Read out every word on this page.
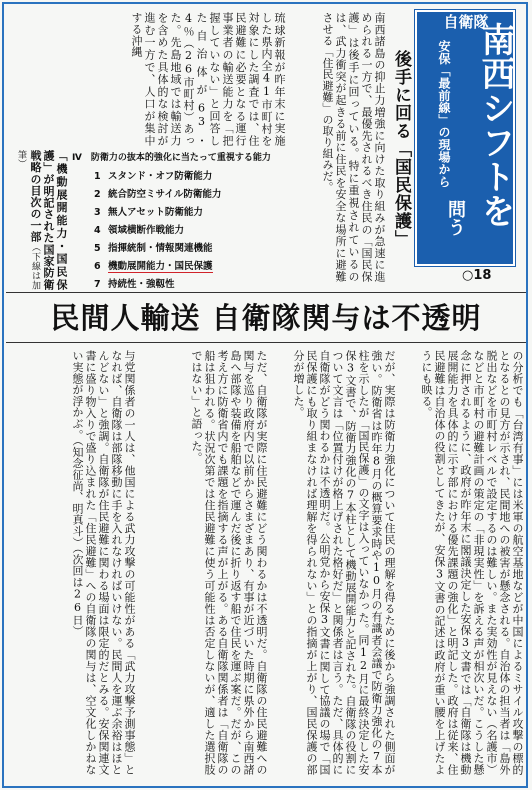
南西諸島の抑止力増強に向けた取り組みが急速に進められる一方で、最優先されるべき住民の「国民保護」は後手に回っている。特に重視されているのは、武力衝突が起きる前に住民を安全な場所に避難させる「住民避難」の取り組みだ。
琉球新報が昨年末に実施した県内全41市町村を対象にした調査では、住民避難に必要となる運行事業者の輸送能力を「把握していない」と回答した自治体が63・4％（26市町村）あった。先島地域では輸送力を含めた具体的な検討が進む一方で、人口が集中する沖縄
Ⅳ　防衛力の抜本的強化に当たって重視する能力
1 スタンド・オフ防衛能力
2 統合防空ミサイル防衛能力
3 無人アセット防衛能力
4 領域横断作戦能力
5 指揮統制・情報関連機能
6 機動展開能力・国民保護
7 持続性・強靱性
「機動展開能力・国民保護」が明記された国家防衛戦略の目次の一部（下線は加筆）	後手に回る「国民保護」
自衛隊
南西シフトを
安保「最前線」の現場から
問う
○18
民間人輸送 自衛隊関与は不透明
の分析でも「台湾有事」には米軍の航空基地などが中国によるミサイル攻撃の標的となるとの見方が示され、民間地への被害が懸念される。自治体の担当者は「島外脱出などを市町村レベルで設定するのは難しい。また実効性が見えない（名護市）などと市町村の避難計画の策定の「非現実性」を訴える声が相次いだ。こうした懸念に押されるように、政府が昨年末に閣議決定した安保3文書では「自衛隊は機動展開能力を具体的に示す部における優先課題の強化」と明記した。政府は従来、住民避難は自治体の役割としてきたが、安保3文書の記述は政府が重い腰を上げたようにも映る。
だが、実際は防衛力強化について住民の理解を得るために後から強調された側面が強い。防衛省は昨年8月の概算要求時や10月の有識者会議で防衛力強化の7本柱を示したが「国民保護」の文字は入っていなかった。同12月に最終決定した安保3文書で、防衛力強化の7本柱として機動展開能力と記された。自衛隊の役割について文言は「位置付けが格上げされた格好だ」と関係者は言う。ただ、具体的に自衛隊がどう関わるかは不透明だ。公明党から安保3文書に関して協議の場で「国民保護にも取り組まなければ理解を得られない」との指摘が上がり、国民保護の部分が増した。
ただ、自衛隊が実際に住民避難にどう関わるかは不透明だ。自衛隊の住民避難への関与を巡り政府内で以前からさまざまあり、有事が近づいた時期に県外から南西諸島へ部隊や装備を船舶などで運んだ後に折り返す船で住民を運ぶ案だ。だが、この考え方に防衛省内でも課題を指摘する声が上がる。ある自衛隊関係者は「自衛隊の船は狙われる。状況次第では住民避難に使う可能性は否定しないが、適した選択肢ではない」と語った。
与党関係者の一人は、他国による武力攻撃の可能性がある「武力攻撃予測事態」となれば、自衛隊は部隊移動に手を入れなければいけない。民間人を運ぶ余裕はほとんどない」と強調。自衛隊が住民避難に関わる場面は限定的だとみる。安保関連文書に盛り物入りで盛り込まれた「住民避難」への自衛隊の関与は、空文化しかねない実態が浮かぶ。（知念征尚、明真斗）（次回は26日）
